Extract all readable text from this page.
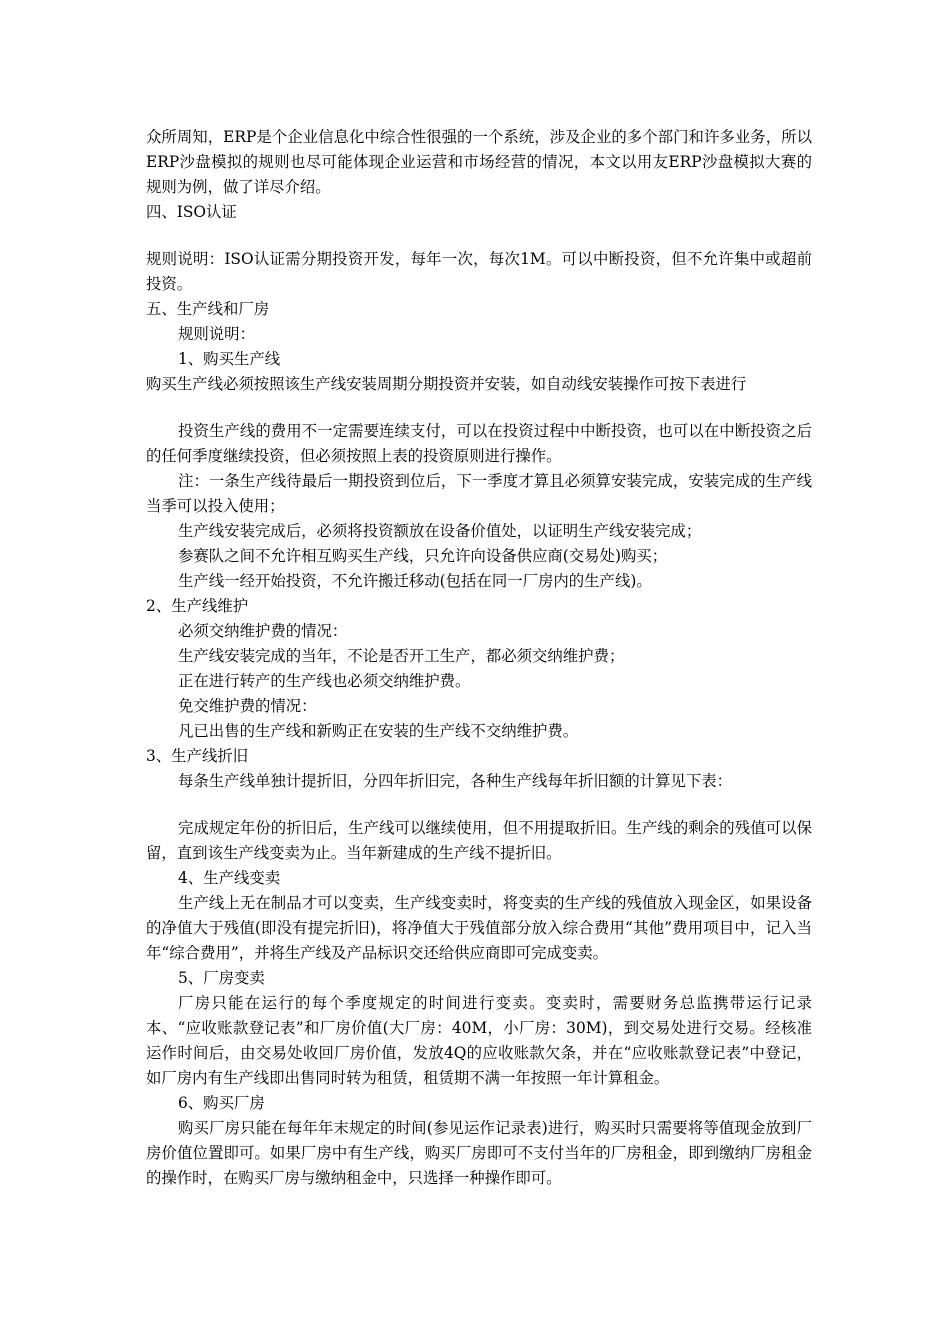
众所周知，ERP是个企业信息化中综合性很强的一个系统，涉及企业的多个部门和许多业务，所以ERP沙盘模拟的规则也尽可能体现企业运营和市场经营的情况，本文以用友ERP沙盘模拟大赛的规则为例，做了详尽介绍。

四、ISO认证

规则说明：ISO认证需分期投资开发，每年一次，每次1M。可以中断投资，但不允许集中或超前投资。

五、生产线和厂房

规则说明：

1、购买生产线

购买生产线必须按照该生产线安装周期分期投资并安装，如自动线安装操作可按下表进行

投资生产线的费用不一定需要连续支付，可以在投资过程中中断投资，也可以在中断投资之后的任何季度继续投资，但必须按照上表的投资原则进行操作。

注：一条生产线待最后一期投资到位后，下一季度才算且必须算安装完成，安装完成的生产线当季可以投入使用；

生产线安装完成后，必须将投资额放在设备价值处，以证明生产线安装完成；

参赛队之间不允许相互购买生产线，只允许向设备供应商(交易处)购买；

生产线一经开始投资，不允许搬迁移动(包括在同一厂房内的生产线)。

2、生产线维护

必须交纳维护费的情况：

生产线安装完成的当年，不论是否开工生产，都必须交纳维护费；

正在进行转产的生产线也必须交纳维护费。

免交维护费的情况：

凡已出售的生产线和新购正在安装的生产线不交纳维护费。

3、生产线折旧

每条生产线单独计提折旧，分四年折旧完，各种生产线每年折旧额的计算见下表：

完成规定年份的折旧后，生产线可以继续使用，但不用提取折旧。生产线的剩余的残值可以保留，直到该生产线变卖为止。当年新建成的生产线不提折旧。

4、生产线变卖

生产线上无在制品才可以变卖，生产线变卖时，将变卖的生产线的残值放入现金区，如果设备的净值大于残值(即没有提完折旧)，将净值大于残值部分放入综合费用“其他”费用项目中，记入当年“综合费用”，并将生产线及产品标识交还给供应商即可完成变卖。

5、厂房变卖

厂房只能在运行的每个季度规定的时间进行变卖。变卖时，需要财务总监携带运行记录本、“应收账款登记表”和厂房价值(大厂房：40M，小厂房：30M)，到交易处进行交易。经核准运作时间后，由交易处收回厂房价值，发放4Q的应收账款欠条，并在“应收账款登记表”中登记，如厂房内有生产线即出售同时转为租赁，租赁期不满一年按照一年计算租金。

6、购买厂房

购买厂房只能在每年年末规定的时间(参见运作记录表)进行，购买时只需要将等值现金放到厂房价值位置即可。如果厂房中有生产线，购买厂房即可不支付当年的厂房租金，即到缴纳厂房租金的操作时，在购买厂房与缴纳租金中，只选择一种操作即可。
